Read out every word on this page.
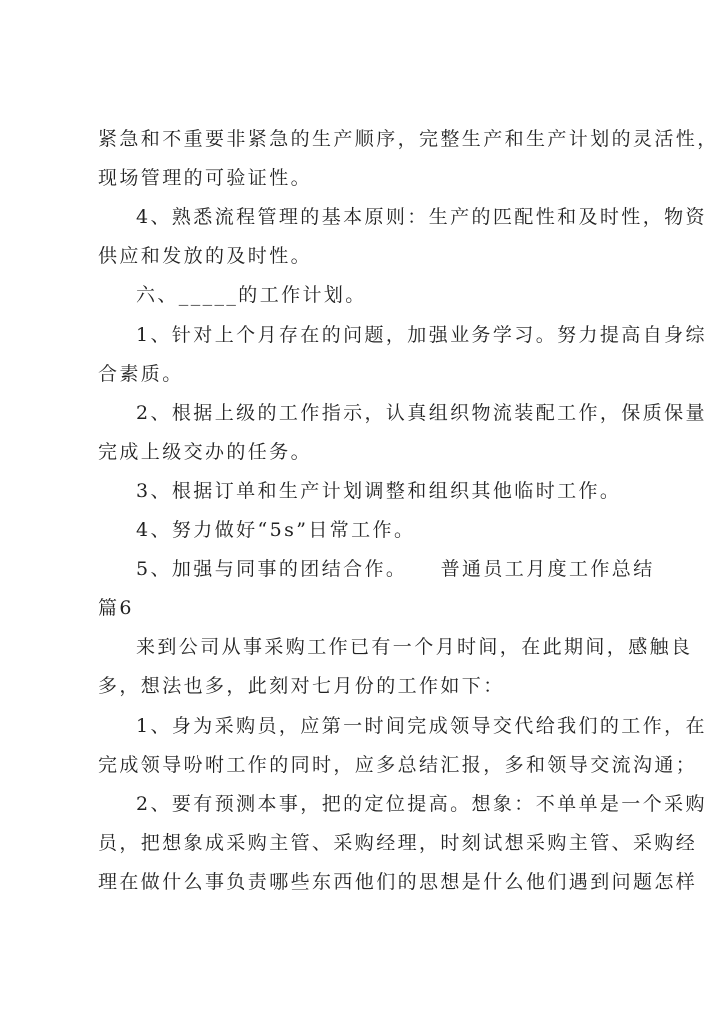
紧急和不重要非紧急的生产顺序，完整生产和生产计划的灵活性，
现场管理的可验证性。
4、熟悉流程管理的基本原则：生产的匹配性和及时性，物资
供应和发放的及时性。
六、_____的工作计划。
1、针对上个月存在的问题，加强业务学习。努力提高自身综
合素质。
2、根据上级的工作指示，认真组织物流装配工作，保质保量
完成上级交办的任务。
3、根据订单和生产计划调整和组织其他临时工作。
4、努力做好“5s”日常工作。
5、加强与同事的团结合作。　　普通员工月度工作总结
篇6
来到公司从事采购工作已有一个月时间，在此期间，感触良
多，想法也多，此刻对七月份的工作如下：
1、身为采购员，应第一时间完成领导交代给我们的工作，在
完成领导吩咐工作的同时，应多总结汇报，多和领导交流沟通；
2、要有预测本事，把的定位提高。想象：不单单是一个采购
员，把想象成采购主管、采购经理，时刻试想采购主管、采购经
理在做什么事负责哪些东西他们的思想是什么他们遇到问题怎样
